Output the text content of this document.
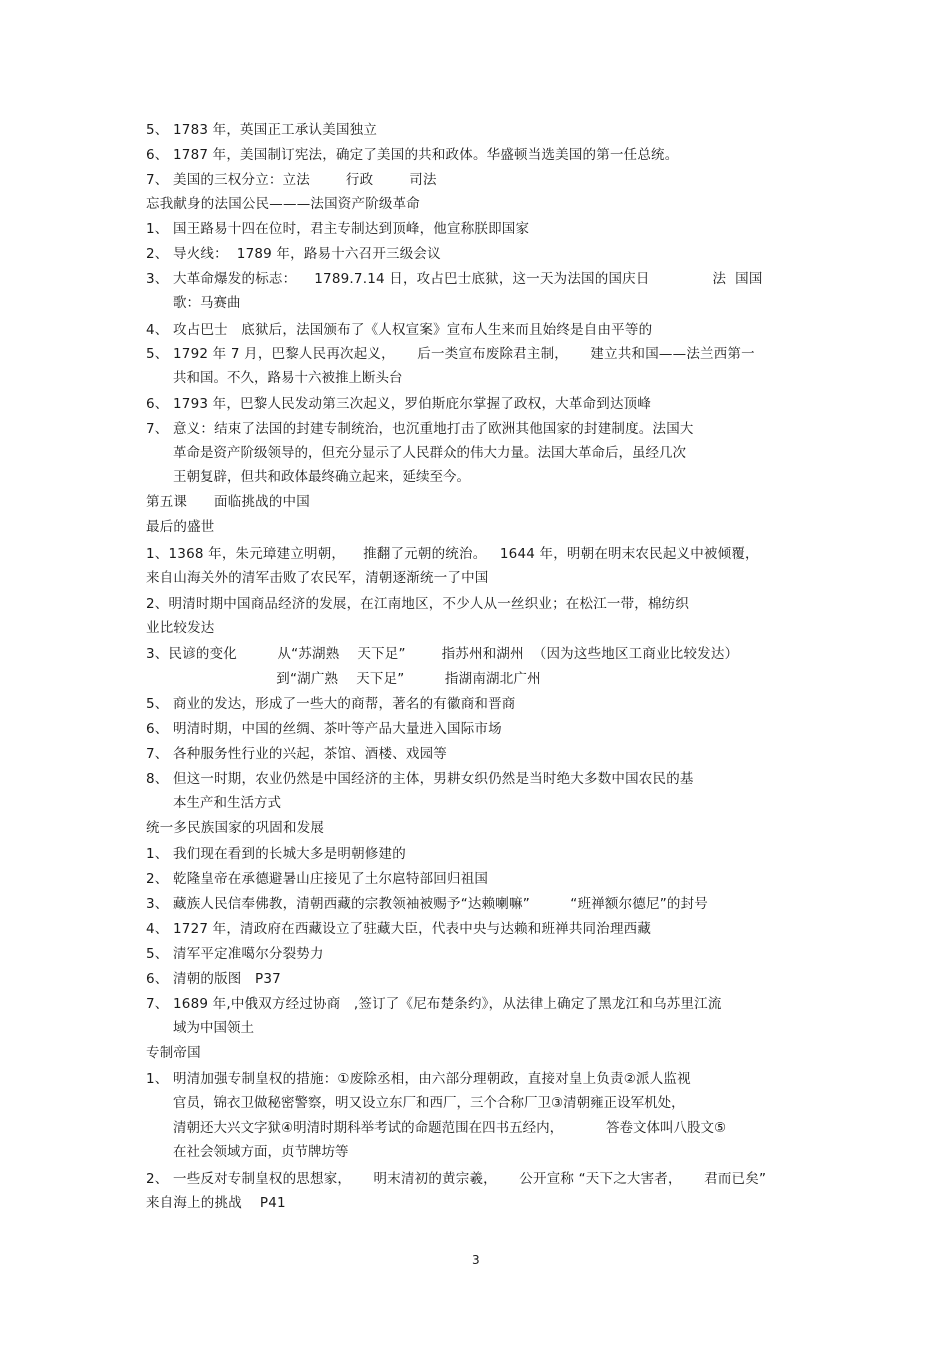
5、 1783 年，英国正工承认美国独立
6、 1787 年，美国制订宪法，确定了美国的共和政体。华盛顿当选美国的第一任总统。
7、 美国的三权分立：立法        行政        司法
忘我献身的法国公民———法国资产阶级革命
1、 国王路易十四在位时，君主专制达到顶峰，他宣称朕即国家
2、 导火线：  1789 年，路易十六召开三级会议
3、 大革命爆发的标志：    1789.7.14 日，攻占巴士底狱，这一天为法国的国庆日              法  国国
歌：马赛曲
4、 攻占巴士   底狱后，法国颁布了《人权宣案》宣布人生来而且始终是自由平等的
5、 1792 年 7 月，巴黎人民再次起义，     后一类宣布废除君主制，     建立共和国——法兰西第一
共和国。不久，路易十六被推上断头台
6、 1793 年，巴黎人民发动第三次起义，罗伯斯庇尔掌握了政权，大革命到达顶峰
7、 意义：结束了法国的封建专制统治，也沉重地打击了欧洲其他国家的封建制度。法国大
革命是资产阶级领导的，但充分显示了人民群众的伟大力量。法国大革命后，虽经几次
王朝复辟，但共和政体最终确立起来，延续至今。
第五课      面临挑战的中国
最后的盛世
1、1368 年，朱元璋建立明朝，    推翻了元朝的统治。   1644 年，明朝在明末农民起义中被倾覆，
来自山海关外的清军击败了农民军，清朝逐渐统一了中国
2、明清时期中国商品经济的发展，在江南地区，不少人从一丝织业；在松江一带，棉纺织
业比较发达
3、民谚的变化         从“苏湖熟    天下足”        指苏州和湖州  （因为这些地区工商业比较发达）
到“湖广熟    天下足”         指湖南湖北广州
5、 商业的发达，形成了一些大的商帮，著名的有徽商和晋商
6、 明清时期，中国的丝绸、茶叶等产品大量进入国际市场
7、 各种服务性行业的兴起，茶馆、酒楼、戏园等
8、 但这一时期，农业仍然是中国经济的主体，男耕女织仍然是当时绝大多数中国农民的基
本生产和生活方式
统一多民族国家的巩固和发展
1、 我们现在看到的长城大多是明朝修建的
2、 乾隆皇帝在承德避暑山庄接见了土尔扈特部回归祖国
3、 藏族人民信奉佛教，清朝西藏的宗教领袖被赐予“达赖喇嘛”         “班禅额尔德尼”的封号
4、 1727 年，清政府在西藏设立了驻藏大臣，代表中央与达赖和班禅共同治理西藏
5、 清军平定准噶尔分裂势力
6、 清朝的版图   P37
7、 1689 年,中俄双方经过协商   ,签订了《尼布楚条约》，从法律上确定了黑龙江和乌苏里江流
域为中国领土
专制帝国
1、 明清加强专制皇权的措施：①废除丞相，由六部分理朝政，直接对皇上负责②派人监视
官员，锦衣卫做秘密警察，明又设立东厂和西厂，三个合称厂卫③清朝雍正设军机处，
清朝还大兴文字狱④明清时期科举考试的命题范围在四书五经内，          答卷文体叫八股文⑤
在社会领域方面，贞节牌坊等
2、 一些反对专制皇权的思想家，     明末清初的黄宗羲，     公开宣称 “天下之大害者，     君而已矣”
来自海上的挑战    P41
3
